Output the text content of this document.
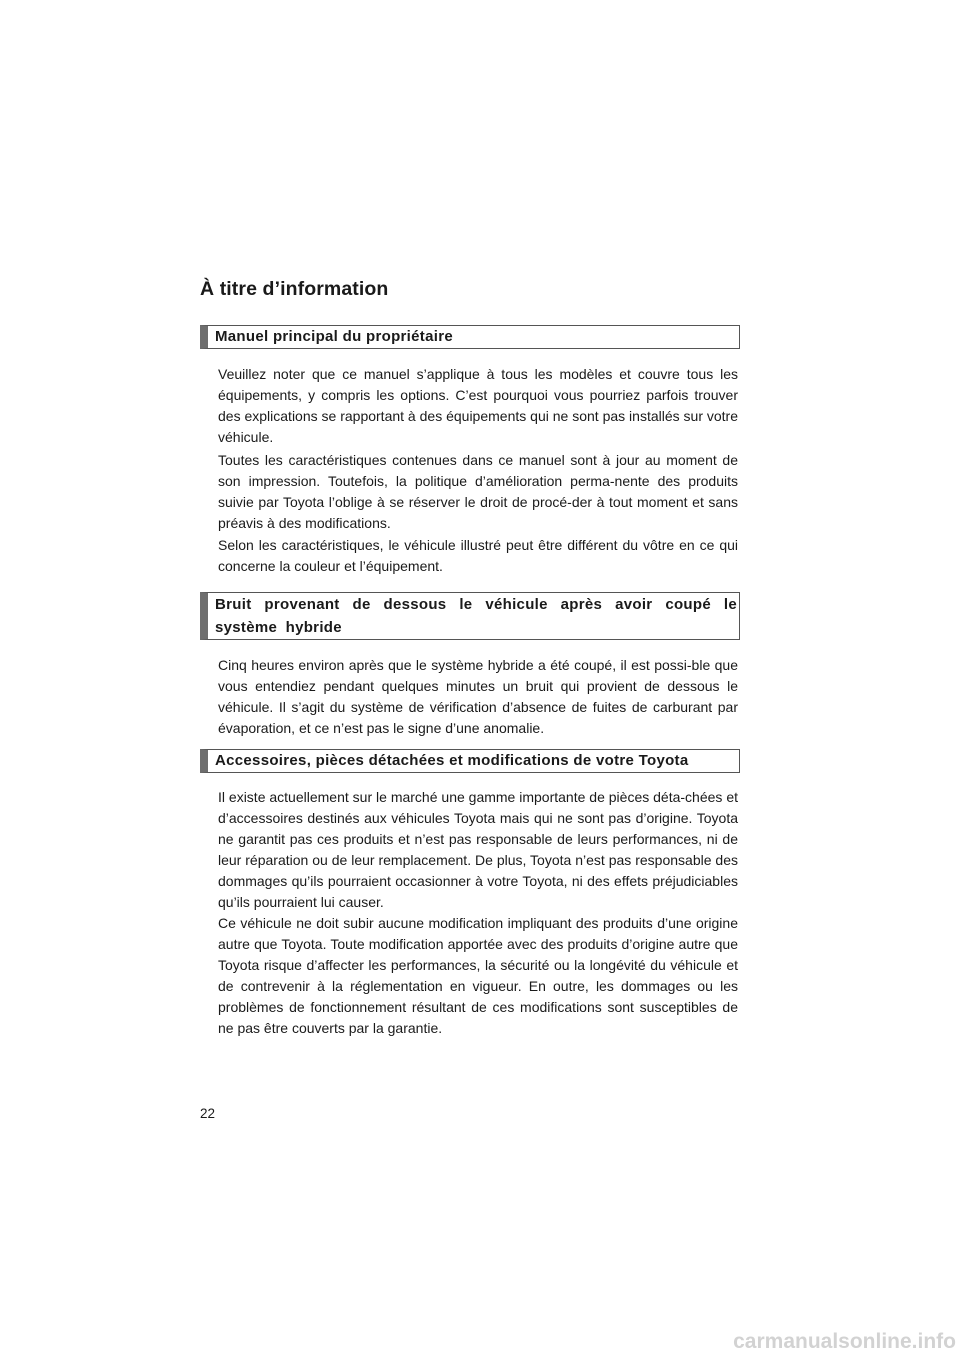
À titre d’information
Manuel principal du propriétaire

Veuillez noter que ce manuel s’applique à tous les modèles et couvre tous les équipements, y compris les options. C’est pourquoi vous pourriez parfois trouver des explications se rapportant à des équipements qui ne sont pas installés sur votre véhicule.

Toutes les caractéristiques contenues dans ce manuel sont à jour au moment de son impression. Toutefois, la politique d’amélioration perma-nente des produits suivie par Toyota l’oblige à se réserver le droit de procé-der à tout moment et sans préavis à des modifications.

Selon les caractéristiques, le véhicule illustré peut être différent du vôtre en ce qui concerne la couleur et l’équipement.

Bruit provenant de dessous le véhicule après avoir coupé le système hybride

Cinq heures environ après que le système hybride a été coupé, il est possi-ble que vous entendiez pendant quelques minutes un bruit qui provient de dessous le véhicule. Il s’agit du système de vérification d’absence de fuites de carburant par évaporation, et ce n’est pas le signe d’une anomalie.

Accessoires, pièces détachées et modifications de votre Toyota

Il existe actuellement sur le marché une gamme importante de pièces déta-chées et d’accessoires destinés aux véhicules Toyota mais qui ne sont pas d’origine. Toyota ne garantit pas ces produits et n’est pas responsable de leurs performances, ni de leur réparation ou de leur remplacement. De plus, Toyota n’est pas responsable des dommages qu’ils pourraient occasionner à votre Toyota, ni des effets préjudiciables qu’ils pourraient lui causer.

Ce véhicule ne doit subir aucune modification impliquant des produits d’une origine autre que Toyota. Toute modification apportée avec des produits d’origine autre que Toyota risque d’affecter les performances, la sécurité ou la longévité du véhicule et de contrevenir à la réglementation en vigueur. En outre, les dommages ou les problèmes de fonctionnement résultant de ces modifications sont susceptibles de ne pas être couverts par la garantie.

22
carmanualsonline.info
